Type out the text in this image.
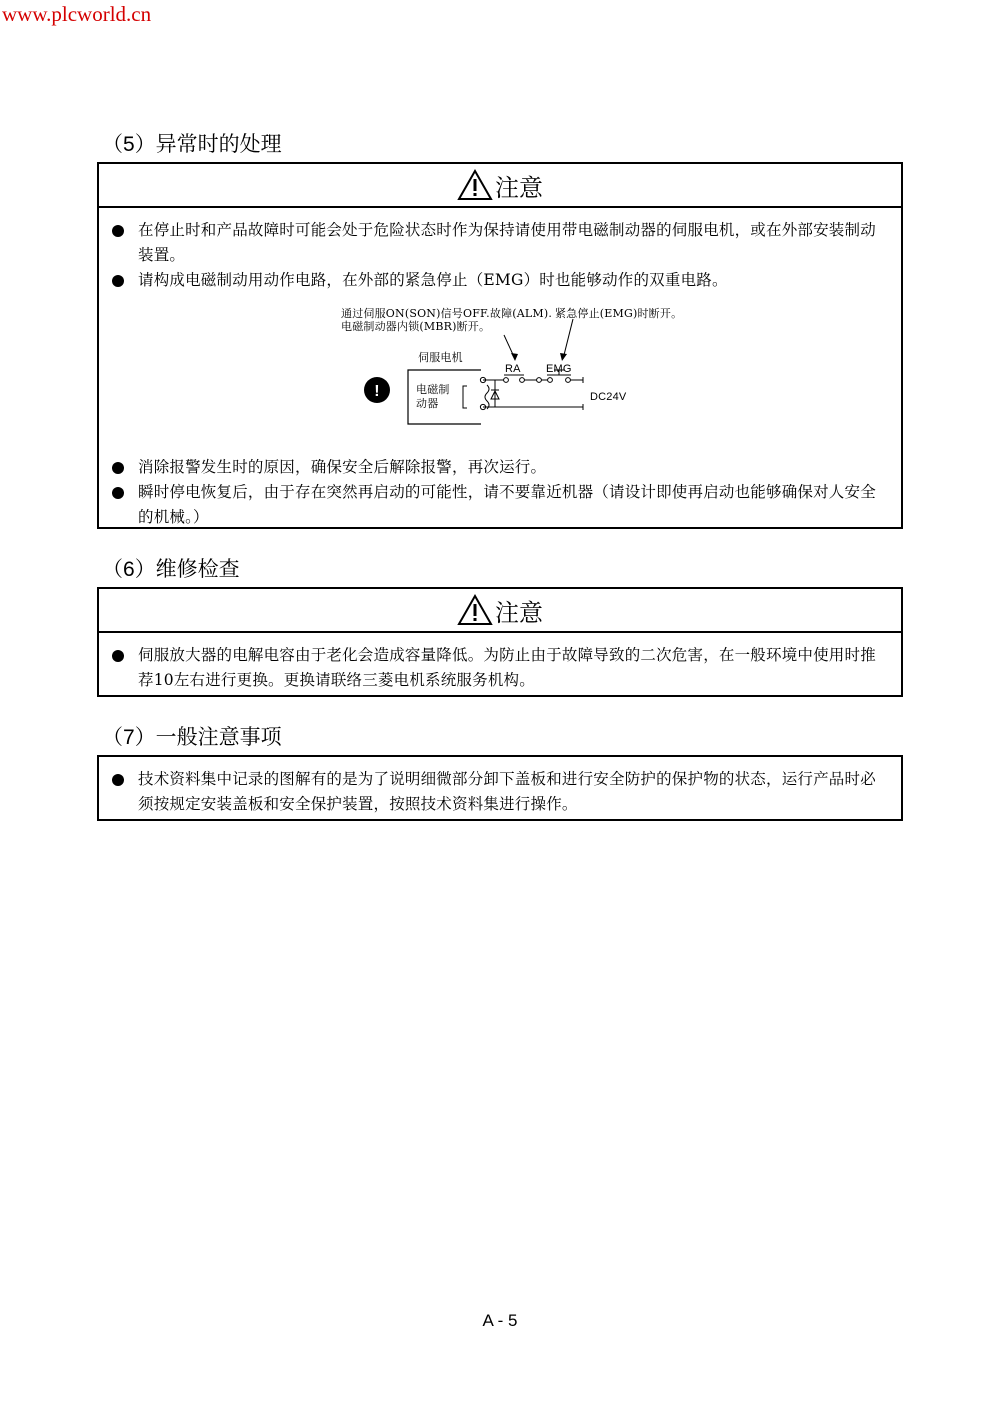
www.plcworld.cn
（5）异常时的处理
注意
在停止时和产品故障时可能会处于危险状态时作为保持请使用带电磁制动器的伺服电机，或在外部安装制动装置。
请构成电磁制动用动作电路，在外部的紧急停止（EMG）时也能够动作的双重电路。
通过伺服ON(SON)信号OFF.故障(ALM).
电磁制动器内锁(MBR)断开。
紧急停止(EMG)时断开。
伺服电机
电磁制
动器
RA EMG
DC24V
!
消除报警发生时的原因，确保安全后解除报警，再次运行。
瞬时停电恢复后，由于存在突然再启动的可能性，请不要靠近机器（请设计即使再启动也能够确保对人安全的机械。）
（6）维修检查
注意
伺服放大器的电解电容由于老化会造成容量降低。为防止由于故障导致的二次危害，在一般环境中使用时推荐10左右进行更换。更换请联络三菱电机系统服务机构。
（7）一般注意事项
技术资料集中记录的图解有的是为了说明细微部分卸下盖板和进行安全防护的保护物的状态，运行产品时必须按规定安装盖板和安全保护装置，按照技术资料集进行操作。
A - 5
